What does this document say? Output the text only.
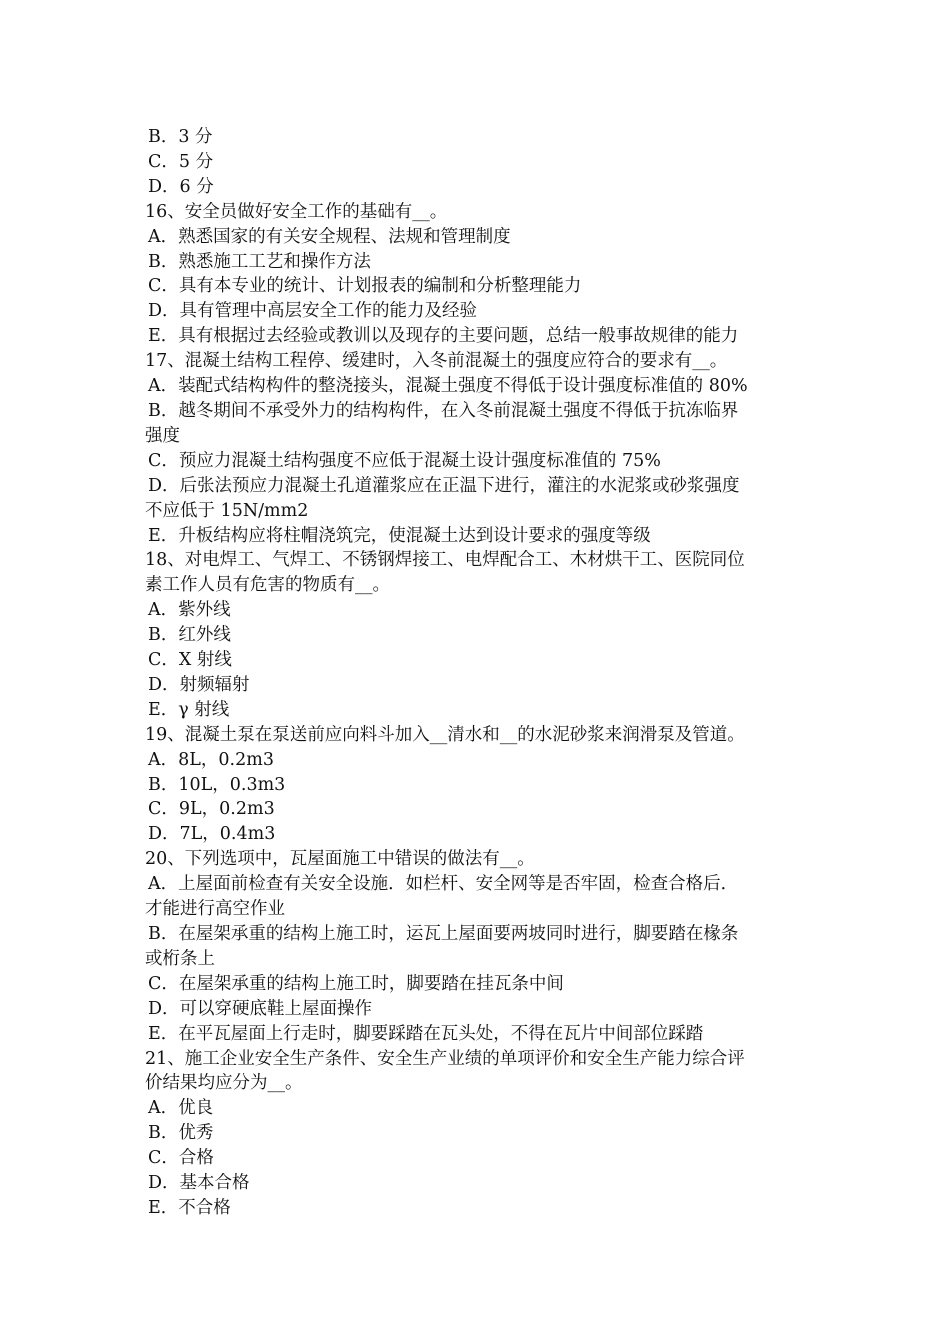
B．3 分

C．5 分

D．6 分

16、安全员做好安全工作的基础有__。

A．熟悉国家的有关安全规程、法规和管理制度

B．熟悉施工工艺和操作方法

C．具有本专业的统计、计划报表的编制和分析整理能力

D．具有管理中高层安全工作的能力及经验

E．具有根据过去经验或教训以及现存的主要问题，总结一般事故规律的能力

17、混凝土结构工程停、缓建时，入冬前混凝土的强度应符合的要求有__。

A．装配式结构构件的整浇接头，混凝土强度不得低于设计强度标准值的 80%

B．越冬期间不承受外力的结构构件，在入冬前混凝土强度不得低于抗冻临界

强度

C．预应力混凝土结构强度不应低于混凝土设计强度标准值的 75%

D．后张法预应力混凝土孔道灌浆应在正温下进行，灌注的水泥浆或砂浆强度

不应低于 15N/mm2

E．升板结构应将柱帽浇筑完，使混凝土达到设计要求的强度等级

18、对电焊工、气焊工、不锈钢焊接工、电焊配合工、木材烘干工、医院同位

素工作人员有危害的物质有__。

A．紫外线

B．红外线

C．X 射线

D．射频辐射

E．γ 射线

19、混凝土泵在泵送前应向料斗加入__清水和__的水泥砂浆来润滑泵及管道。

A．8L，0.2m3

B．10L，0.3m3

C．9L，0.2m3

D．7L，0.4m3

20、下列选项中，瓦屋面施工中错误的做法有__。

A．上屋面前检查有关安全设施．如栏杆、安全网等是否牢固，检查合格后．

才能进行高空作业

B．在屋架承重的结构上施工时，运瓦上屋面要两坡同时进行，脚要踏在椽条

或桁条上

C．在屋架承重的结构上施工时，脚要踏在挂瓦条中间

D．可以穿硬底鞋上屋面操作

E．在平瓦屋面上行走时，脚要踩踏在瓦头处，不得在瓦片中间部位踩踏

21、施工企业安全生产条件、安全生产业绩的单项评价和安全生产能力综合评

价结果均应分为__。

A．优良

B．优秀

C．合格

D．基本合格

E．不合格
